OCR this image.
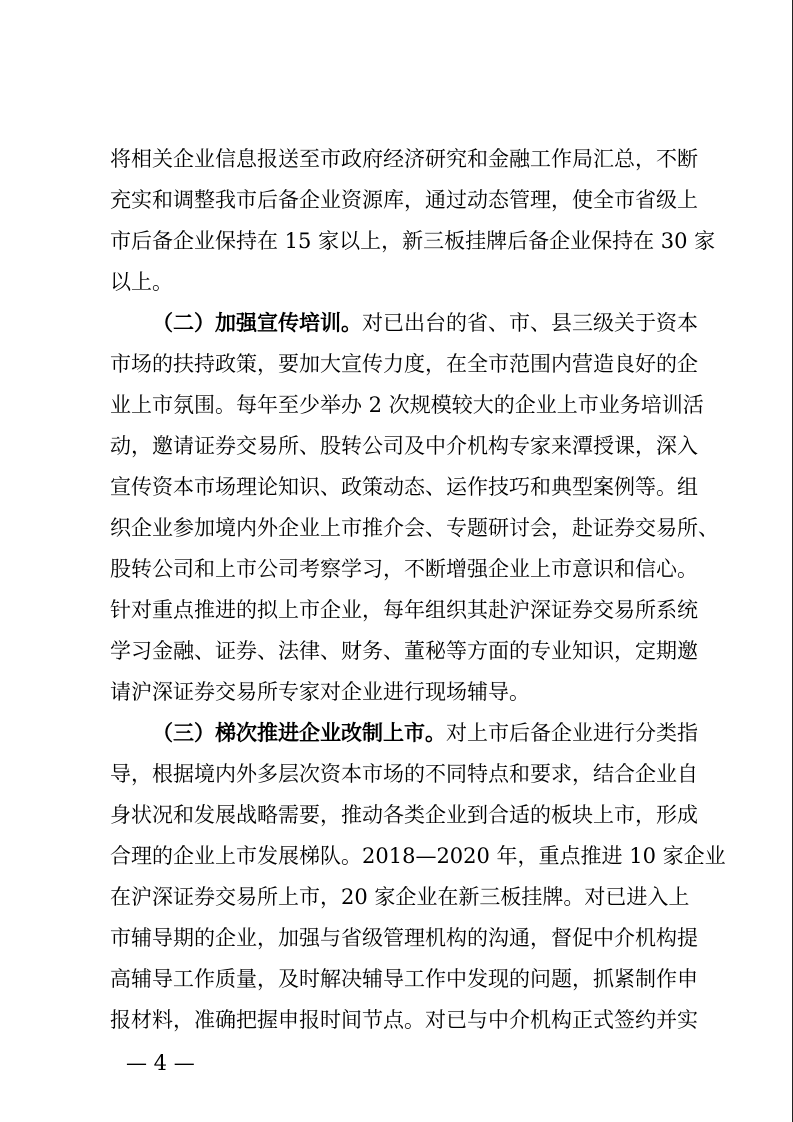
将相关企业信息报送至市政府经济研究和金融工作局汇总，不断
充实和调整我市后备企业资源库，通过动态管理，使全市省级上
市后备企业保持在 15 家以上，新三板挂牌后备企业保持在 30 家
以上。
（二）加强宣传培训。对已出台的省、市、县三级关于资本
市场的扶持政策，要加大宣传力度，在全市范围内营造良好的企
业上市氛围。每年至少举办 2 次规模较大的企业上市业务培训活
动，邀请证券交易所、股转公司及中介机构专家来潭授课，深入
宣传资本市场理论知识、政策动态、运作技巧和典型案例等。组
织企业参加境内外企业上市推介会、专题研讨会，赴证券交易所、
股转公司和上市公司考察学习，不断增强企业上市意识和信心。
针对重点推进的拟上市企业，每年组织其赴沪深证券交易所系统
学习金融、证券、法律、财务、董秘等方面的专业知识，定期邀
请沪深证券交易所专家对企业进行现场辅导。
（三）梯次推进企业改制上市。对上市后备企业进行分类指
导，根据境内外多层次资本市场的不同特点和要求，结合企业自
身状况和发展战略需要，推动各类企业到合适的板块上市，形成
合理的企业上市发展梯队。2018—2020 年，重点推进 10 家企业
在沪深证券交易所上市，20 家企业在新三板挂牌。对已进入上
市辅导期的企业，加强与省级管理机构的沟通，督促中介机构提
高辅导工作质量，及时解决辅导工作中发现的问题，抓紧制作申
报材料，准确把握申报时间节点。对已与中介机构正式签约并实
— 4 —
